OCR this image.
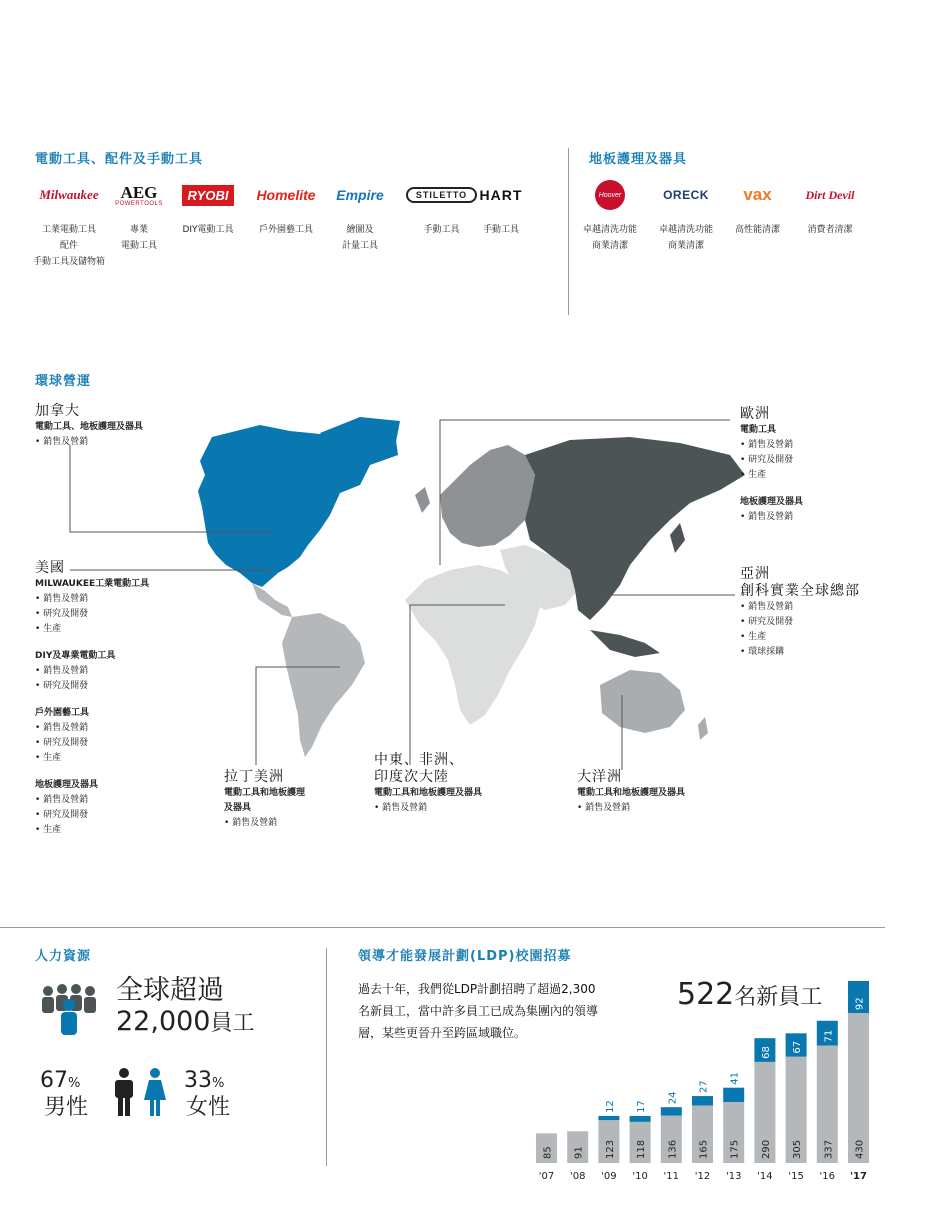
電動工具、配件及手動工具	地板護理及器具
Milwaukee
工業電動工具
配件
手動工具及儲物箱
AEG
POWERTOOLS
專業
電動工具
RYOBI
DIY電動工具
Homelite
戶外園藝工具
Empire
繪圖及
計量工具
STILETTO
手動工具
HART
手動工具
Hoover
卓越清洗功能
商業清潔
ORECK
卓越清洗功能
商業清潔
vax
高性能清潔
Dirt Devil
消費者清潔
環球營運
加拿大
電動工具、地板護理及器具
• 銷售及營銷
美國
MILWAUKEE工業電動工具
• 銷售及營銷
• 研究及開發
• 生產
DIY及專業電動工具
• 銷售及營銷
• 研究及開發
戶外園藝工具
• 銷售及營銷
• 研究及開發
• 生產
地板護理及器具
• 銷售及營銷
• 研究及開發
• 生產
拉丁美洲
電動工具和地板護理
及器具
• 銷售及營銷
中東、非洲、
印度次大陸
電動工具和地板護理及器具
• 銷售及營銷
大洋洲
電動工具和地板護理及器具
• 銷售及營銷
歐洲
電動工具
• 銷售及營銷
• 研究及開發
• 生產
地板護理及器具
• 銷售及營銷
亞洲
創科實業全球總部
• 銷售及營銷
• 研究及開發
• 生產
• 環球採購
人力資源	領導才能發展計劃(LDP)校園招募
全球超過
22,000員工
67%
男性
33%
女性
過去十年，我們從LDP計劃招聘了超過2,300名新員工，當中許多員工已成為集團內的領導層，某些更晉升至跨區域職位。
522名新員工
85
'07
91
'08
123
12
'09
118
17
'10
136
24
'11
165
27
'12
175
41
'13
290
68
'14
305
67
'15
337
71
'16
430
92
'17
